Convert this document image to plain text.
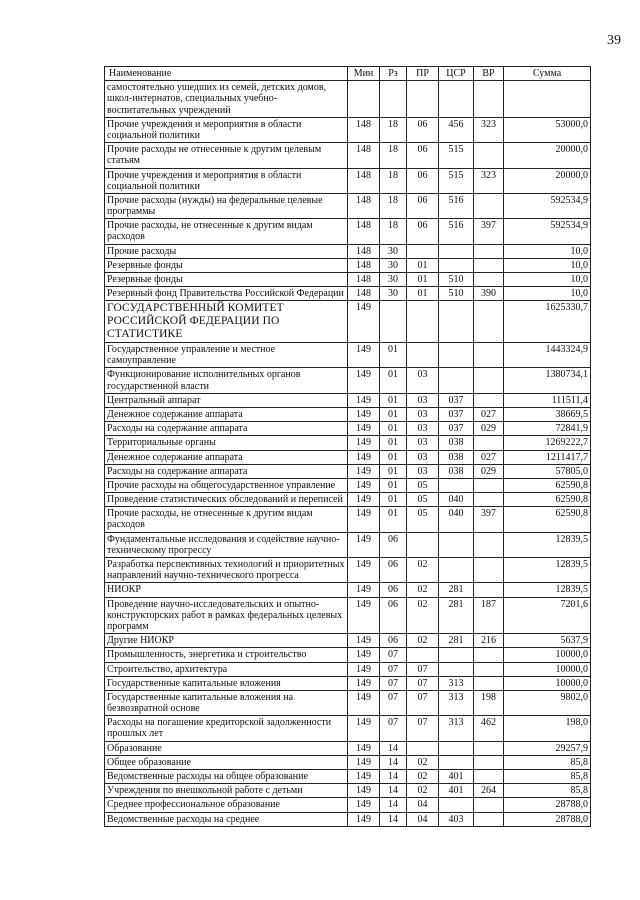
39
Наименование	Мин	Рз	ПР	ЦСР	ВР	Сумма
самостоятельно ушедших из семей, детских домов, школ-интернатов, специальных учебно-воспитательных учреждений						
Прочие учреждения и мероприятия в области социальной политики	148	18	06	456	323	53000,0
Прочие расходы не отнесенные к другим целевым статьям	148	18	06	515		20000,0
Прочие учреждения и мероприятия в области социальной политики	148	18	06	515	323	20000,0
Прочие расходы (нужды) на федеральные целевые программы	148	18	06	516		592534,9
Прочие расходы, не отнесенные к другим видам расходов	148	18	06	516	397	592534,9
Прочие расходы	148	30				10,0
Резервные фонды	148	30	01			10,0
Резервные фонды	148	30	01	510		10,0
Резервный фонд Правительства Российской Федерации	148	30	01	510	390	10,0
ГОСУДАРСТВЕННЫЙ КОМИТЕТ РОССИЙСКОЙ ФЕДЕРАЦИИ ПО СТАТИСТИКЕ	149					1625330,7
Государственное управление и местное самоуправление	149	01				1443324,9
Функционирование исполнительных органов государственной власти	149	01	03			1380734,1
Центральный аппарат	149	01	03	037		111511,4
Денежное содержание аппарата	149	01	03	037	027	38669,5
Расходы на содержание аппарата	149	01	03	037	029	72841,9
Территориальные органы	149	01	03	038		1269222,7
Денежное содержание аппарата	149	01	03	038	027	1211417,7
Расходы на содержание аппарата	149	01	03	038	029	57805,0
Прочие расходы на общегосударственное управление	149	01	05			62590,8
Проведение статистических обследований и переписей	149	01	05	040		62590,8
Прочие расходы, не отнесенные к другим видам расходов	149	01	05	040	397	62590,8
Фундаментальные исследования и содействие научно-техническому прогрессу	149	06				12839,5
Разработка перспективных технологий и приоритетных направлений научно-технического прогресса	149	06	02			12839,5
НИОКР	149	06	02	281		12839,5
Проведение научно-исследовательских и опытно-конструкторских работ в рамках федеральных целевых программ	149	06	02	281	187	7201,6
Другие НИОКР	149	06	02	281	216	5637,9
Промышленность, энергетика и строительство	149	07				10000,0
Строительство, архитектура	149	07	07			10000,0
Государственные капитальные вложения	149	07	07	313		10000,0
Государственные капитальные вложения на безвозвратной основе	149	07	07	313	198	9802,0
Расходы на погашение кредиторской задолженности прошлых лет	149	07	07	313	462	198,0
Образование	149	14				29257,9
Общее образование	149	14	02			85,8
Ведомственные расходы на общее образование	149	14	02	401		85,8
Учреждения по внешкольной работе с детьми	149	14	02	401	264	85,8
Среднее профессиональное образование	149	14	04			28788,0
Ведомственные расходы на среднее	149	14	04	403		28788,0
